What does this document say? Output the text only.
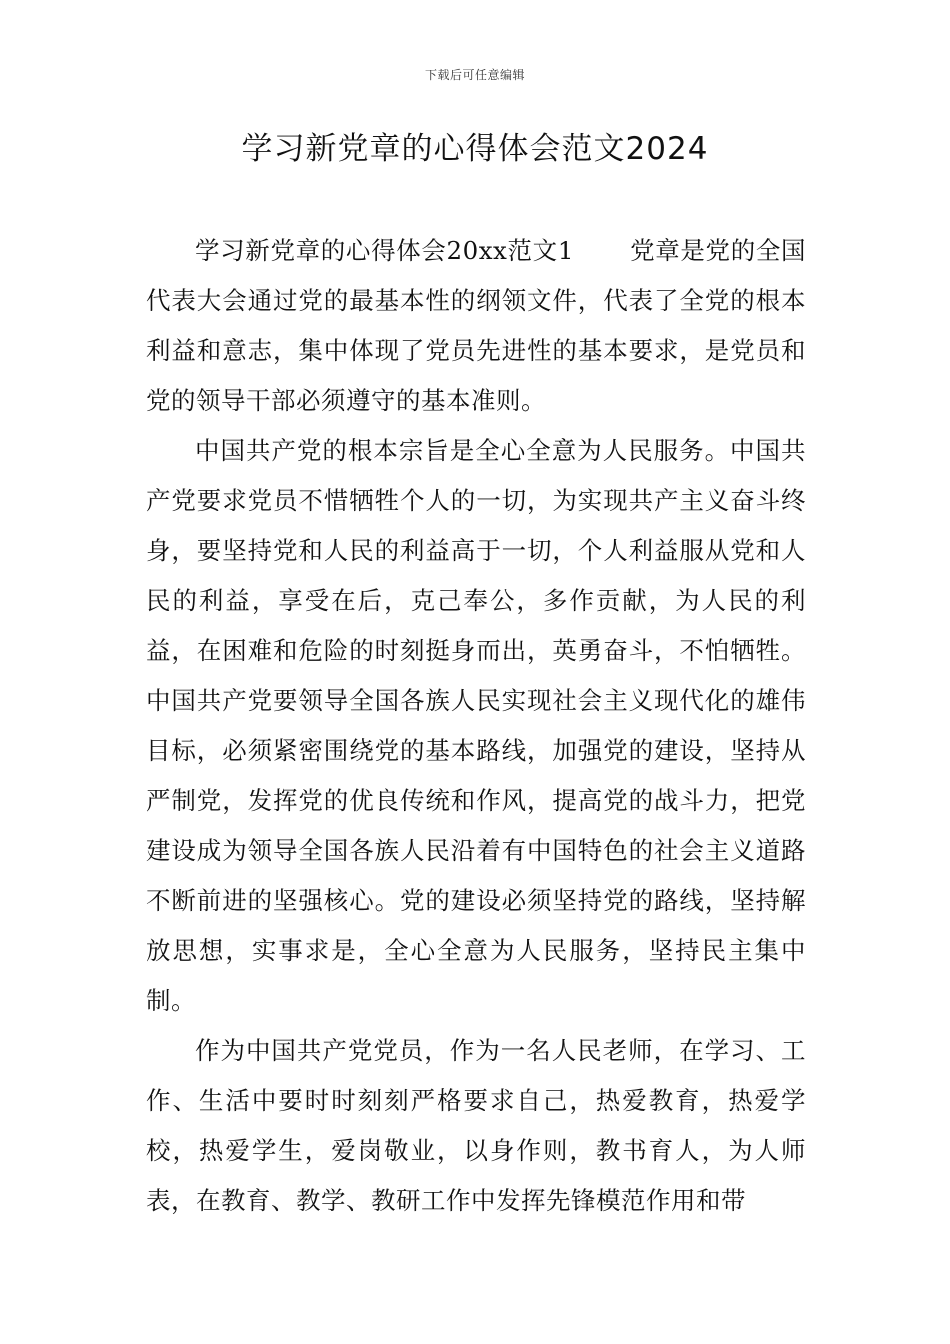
下载后可任意编辑
学习新党章的心得体会范文2024

学习新党章的心得体会20xx范文1 党章是党的全国代表大会通过党的最基本性的纲领文件，代表了全党的根本利益和意志，集中体现了党员先进性的基本要求，是党员和党的领导干部必须遵守的基本准则。

中国共产党的根本宗旨是全心全意为人民服务。中国共产党要求党员不惜牺牲个人的一切，为实现共产主义奋斗终身，要坚持党和人民的利益高于一切，个人利益服从党和人民的利益，享受在后，克己奉公，多作贡献，为人民的利益，在困难和危险的时刻挺身而出，英勇奋斗，不怕牺牲。中国共产党要领导全国各族人民实现社会主义现代化的雄伟目标，必须紧密围绕党的基本路线，加强党的建设，坚持从严制党，发挥党的优良传统和作风，提高党的战斗力，把党建设成为领导全国各族人民沿着有中国特色的社会主义道路不断前进的坚强核心。党的建设必须坚持党的路线，坚持解放思想，实事求是，全心全意为人民服务，坚持民主集中制。

作为中国共产党党员，作为一名人民老师，在学习、工作、生活中要时时刻刻严格要求自己，热爱教育，热爱学校，热爱学生，爱岗敬业，以身作则，教书育人，为人师表，在教育、教学、教研工作中发挥先锋模范作用和带
